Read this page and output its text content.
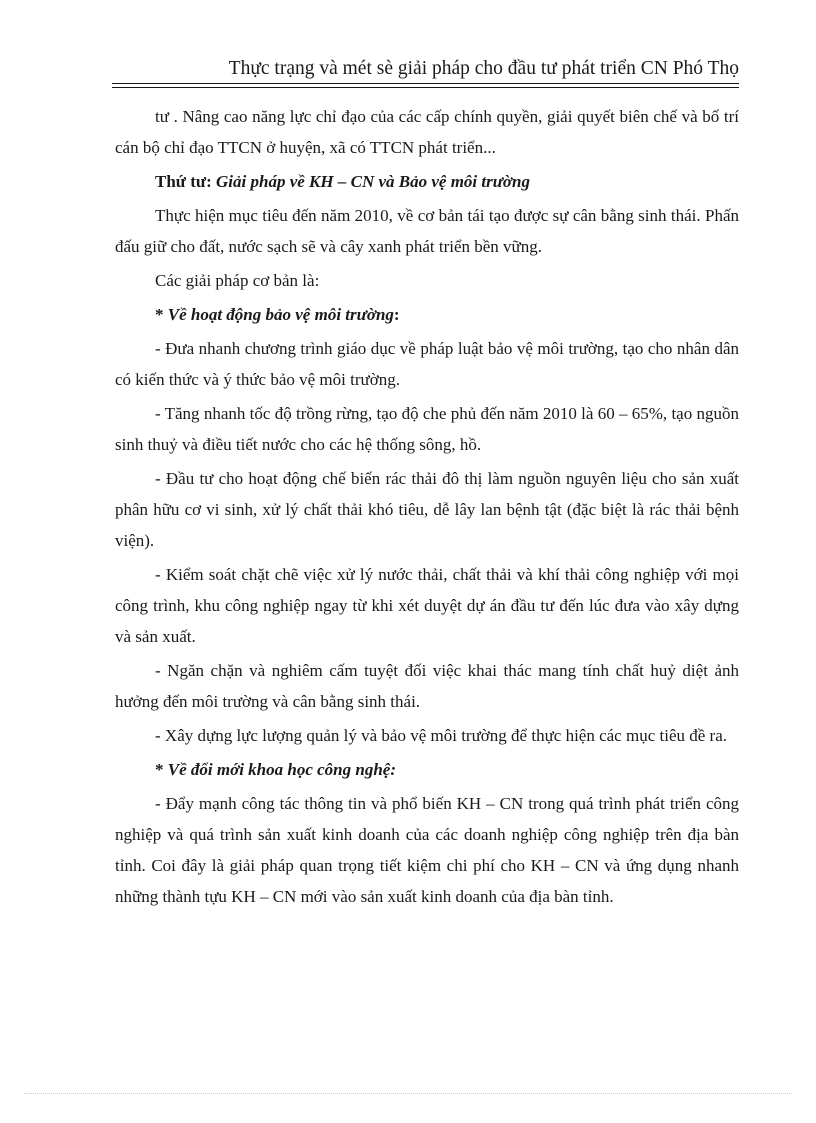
Thực trạng và mét sè giải pháp cho đầu tư phát triển CN Phó Thọ

tư . Nâng cao năng lực chỉ đạo của các cấp chính quyền, giải quyết biên chế và bố trí cán bộ chỉ đạo TTCN ở huyện, xã có TTCN phát triển...

Thứ tư: Giải pháp về KH – CN và Bảo vệ môi trường

Thực hiện mục tiêu đến năm 2010, về cơ bản tái tạo được sự cân bằng sinh thái. Phấn đấu giữ cho đất, nước sạch sẽ và cây xanh phát triển bền vững.

Các giải pháp cơ bản là:

* Về hoạt động bảo vệ môi trường:

- Đưa nhanh chương trình giáo dục về pháp luật bảo vệ môi trường, tạo cho nhân dân có kiến thức và ý thức bảo vệ môi trường.

- Tăng nhanh tốc độ trồng rừng, tạo độ che phủ đến năm 2010 là 60 – 65%, tạo nguồn sinh thuỷ và điều tiết nước cho các hệ thống sông, hồ.

- Đầu tư cho hoạt động chế biến rác thải đô thị làm nguồn nguyên liệu cho sản xuất phân hữu cơ vi sinh, xử lý chất thải khó tiêu, dễ lây lan bệnh tật (đặc biệt là rác thải bệnh viện).

- Kiểm soát chặt chẽ việc xử lý nước thải, chất thải và khí thải công nghiệp với mọi công trình, khu công nghiệp ngay từ khi xét duyệt dự án đầu tư đến lúc đưa vào xây dựng và sản xuất.

- Ngăn chặn và nghiêm cấm tuyệt đối việc khai thác mang tính chất huỷ diệt ảnh hưởng đến môi trường và cân bằng sinh thái.

- Xây dựng lực lượng quản lý và bảo vệ môi trường để thực hiện các mục tiêu đề ra.

* Về đổi mới khoa học công nghệ:

- Đẩy mạnh công tác thông tin và phổ biến KH – CN trong quá trình phát triển công nghiệp và quá trình sản xuất kinh doanh của các doanh nghiệp công nghiệp trên địa bàn tỉnh. Coi đây là giải pháp quan trọng tiết kiệm chi phí cho KH – CN và ứng dụng nhanh những thành tựu KH – CN mới vào sản xuất kinh doanh của địa bàn tỉnh.
